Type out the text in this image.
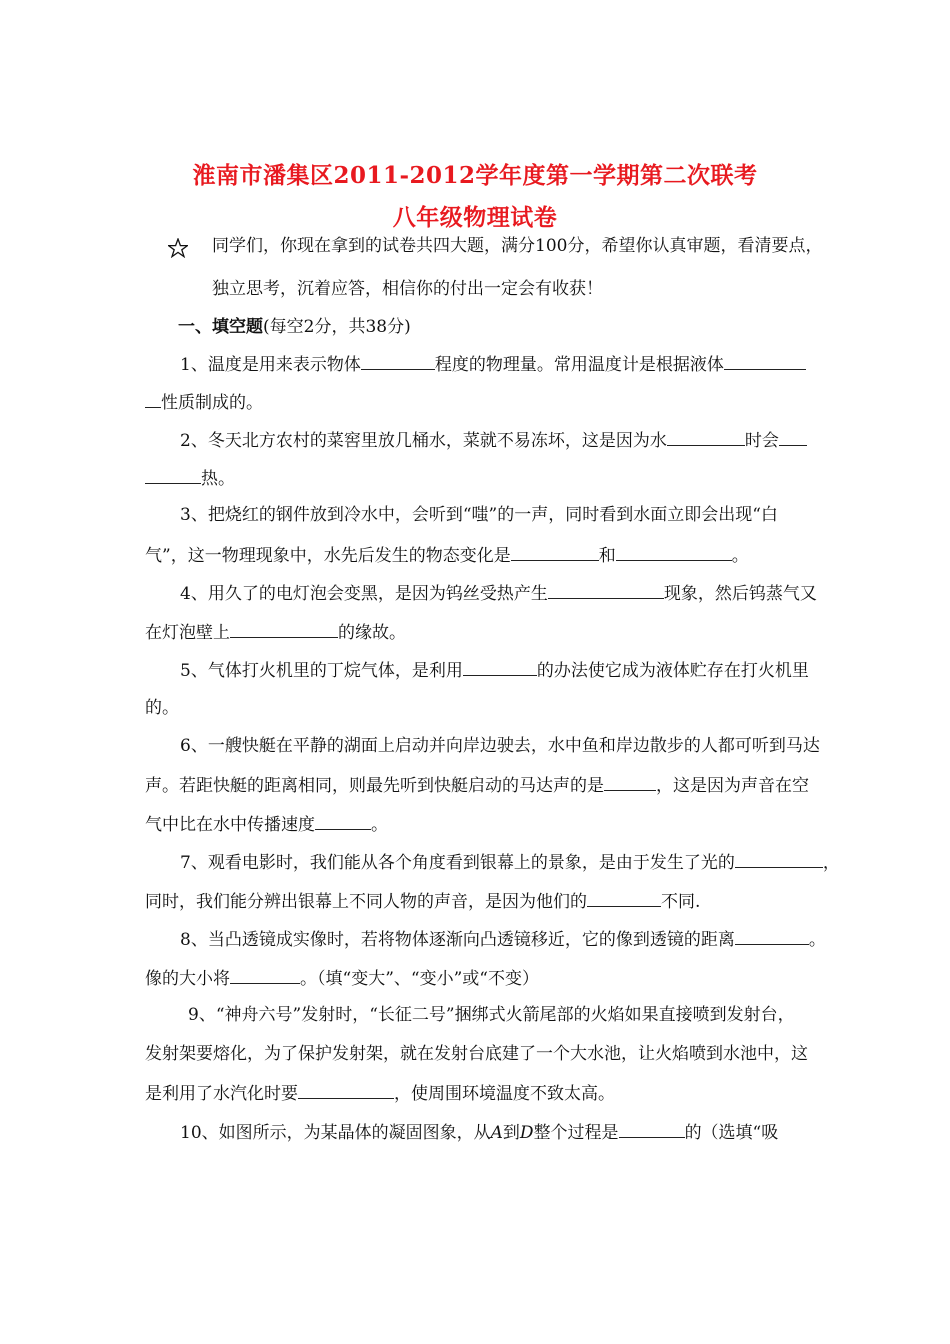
淮南市潘集区2011-2012学年度第一学期第二次联考
八年级物理试卷
同学们，你现在拿到的试卷共四大题，满分100分，希望你认真审题，看清要点，
独立思考，沉着应答，相信你的付出一定会有收获！
一、填空题(每空2分，共38分)
1、温度是用来表示物体	程度的物理量。常用温度计是根据液体
性质制成的。
2、冬天北方农村的菜窖里放几桶水，菜就不易冻坏，这是因为水	时会
热。
3、把烧红的钢件放到冷水中，会听到“嗤”的一声，同时看到水面立即会出现“白
气”，这一物理现象中，水先后发生的物态变化是	和	。
4、用久了的电灯泡会变黑，是因为钨丝受热产生	现象，然后钨蒸气又
在灯泡壁上	的缘故。
5、气体打火机里的丁烷气体，是利用	的办法使它成为液体贮存在打火机里
的。
6、一艘快艇在平静的湖面上启动并向岸边驶去，水中鱼和岸边散步的人都可听到马达
声。若距快艇的距离相同，则最先听到快艇启动的马达声的是	，这是因为声音在空
气中比在水中传播速度	。
7、观看电影时，我们能从各个角度看到银幕上的景象，是由于发生了光的	，
同时，我们能分辨出银幕上不同人物的声音，是因为他们的	不同.
8、当凸透镜成实像时，若将物体逐渐向凸透镜移近，它的像到透镜的距离	。
像的大小将	。（填“变大”、“变小”或“不变）
9、“神舟六号”发射时，“长征二号”捆绑式火箭尾部的火焰如果直接喷到发射台，
发射架要熔化，为了保护发射架，就在发射台底建了一个大水池，让火焰喷到水池中，这
是利用了水汽化时要	，使周围环境温度不致太高。
10、如图所示，为某晶体的凝固图象，从A到D整个过程是	的（选填“吸
